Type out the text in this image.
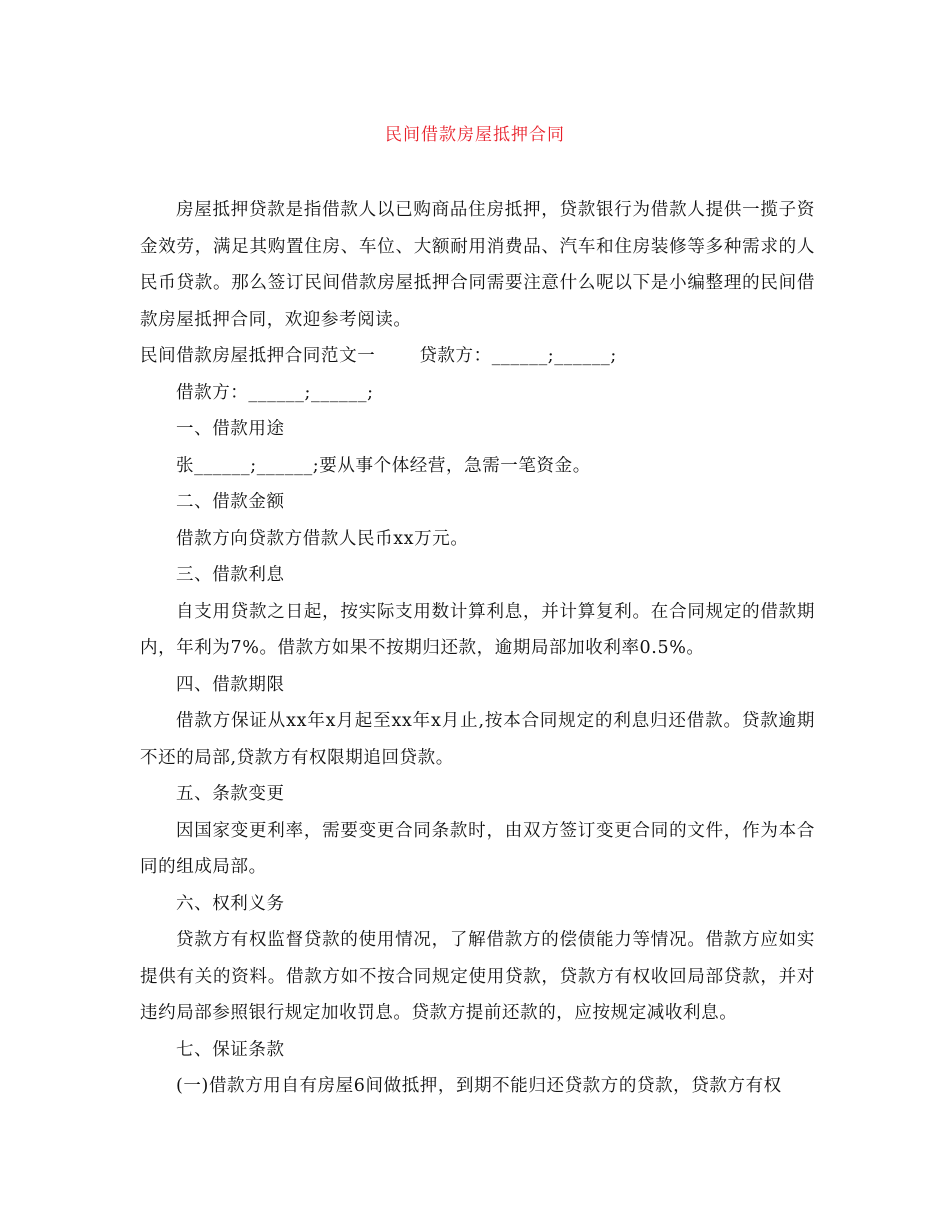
民间借款房屋抵押合同

房屋抵押贷款是指借款人以已购商品住房抵押，贷款银行为借款人提供一揽子资金效劳，满足其购置住房、车位、大额耐用消费品、汽车和住房装修等多种需求的人民币贷款。那么签订民间借款房屋抵押合同需要注意什么呢以下是小编整理的民间借款房屋抵押合同，欢迎参考阅读。

民间借款房屋抵押合同范文一	贷款方：______;______;

借款方：______;______;

一、借款用途

张______;______;要从事个体经营，急需一笔资金。

二、借款金额

借款方向贷款方借款人民币xx万元。

三、借款利息

自支用贷款之日起，按实际支用数计算利息，并计算复利。在合同规定的借款期内，年利为7%。借款方如果不按期归还款，逾期局部加收利率0.5%。

四、借款期限

借款方保证从xx年x月起至xx年x月止,按本合同规定的利息归还借款。贷款逾期不还的局部,贷款方有权限期追回贷款。

五、条款变更

因国家变更利率，需要变更合同条款时，由双方签订变更合同的文件，作为本合同的组成局部。

六、权利义务

贷款方有权监督贷款的使用情况，了解借款方的偿债能力等情况。借款方应如实提供有关的资料。借款方如不按合同规定使用贷款，贷款方有权收回局部贷款，并对违约局部参照银行规定加收罚息。贷款方提前还款的，应按规定减收利息。

七、保证条款

(一)借款方用自有房屋6间做抵押，到期不能归还贷款方的贷款，贷款方有权
